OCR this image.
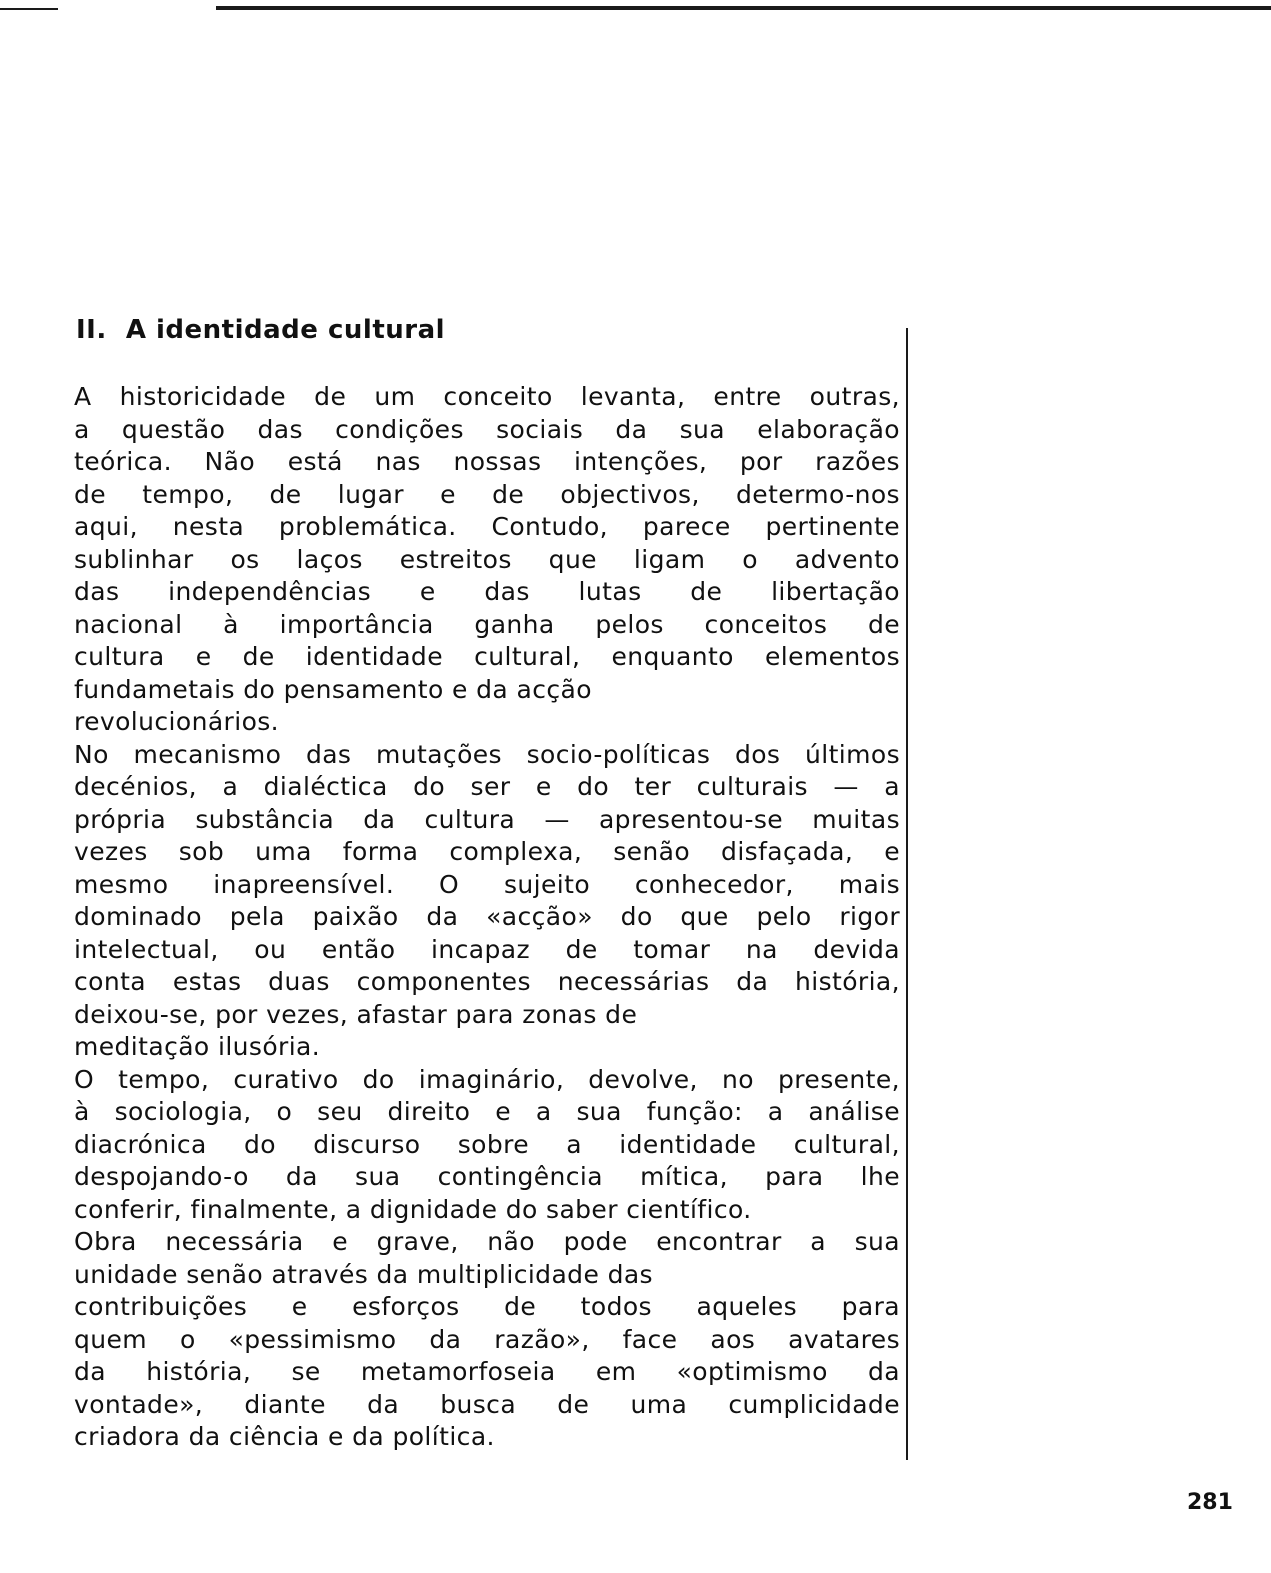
II. A identidade cultural
A historicidade de um conceito levanta, entre outras,
a questão das condições sociais da sua elaboração
teórica. Não está nas nossas intenções, por razões
de tempo, de lugar e de objectivos, determo-nos
aqui, nesta problemática. Contudo, parece pertinente
sublinhar os laços estreitos que ligam o advento
das independências e das lutas de libertação
nacional à importância ganha pelos conceitos de
cultura e de identidade cultural, enquanto elementos
fundametais do pensamento e da acção
revolucionários.
No mecanismo das mutações socio-políticas dos últimos
decénios, a dialéctica do ser e do ter culturais — a
própria substância da cultura — apresentou-se muitas
vezes sob uma forma complexa, senão disfaçada, e
mesmo inapreensível. O sujeito conhecedor, mais
dominado pela paixão da «acção» do que pelo rigor
intelectual, ou então incapaz de tomar na devida
conta estas duas componentes necessárias da história,
deixou-se, por vezes, afastar para zonas de
meditação ilusória.
O tempo, curativo do imaginário, devolve, no presente,
à sociologia, o seu direito e a sua função: a análise
diacrónica do discurso sobre a identidade cultural,
despojando-o da sua contingência mítica, para lhe
conferir, finalmente, a dignidade do saber científico.
Obra necessária e grave, não pode encontrar a sua
unidade senão através da multiplicidade das
contribuições e esforços de todos aqueles para
quem o «pessimismo da razão», face aos avatares
da história, se metamorfoseia em «optimismo da
vontade», diante da busca de uma cumplicidade
criadora da ciência e da política.
281
